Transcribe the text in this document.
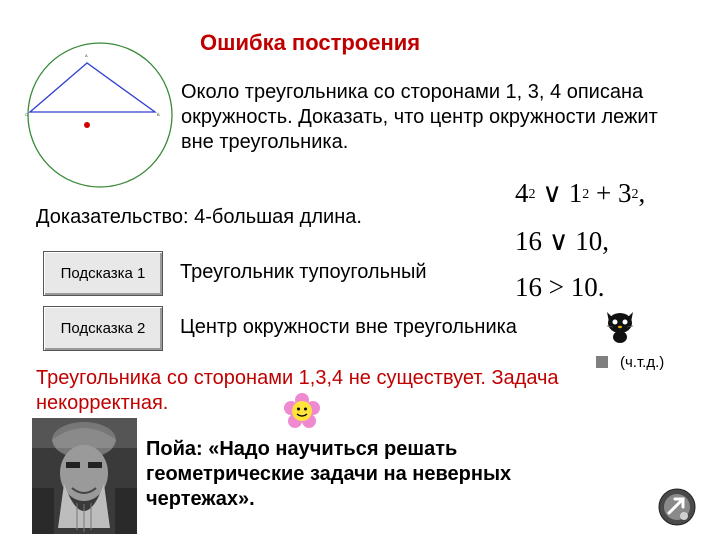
Ошибка построения
A
C	B
Около треугольника со сторонами 1, 3, 4 описана окружность. Доказать, что центр окружности лежит вне треугольника.
$4^2$ ∨ $1^2 + 3^2$,
16 ∨ 10,
16 > 10.
Доказательство: 4-большая длина.
Подсказка 1 Треугольник тупоугольный
Подсказка 2 Центр окружности вне треугольника
(ч.т.д.)
Треугольника со сторонами 1,3,4 не существует. Задача некорректная.
Пойа: «Надо научиться решать геометрические задачи на неверных чертежах».
